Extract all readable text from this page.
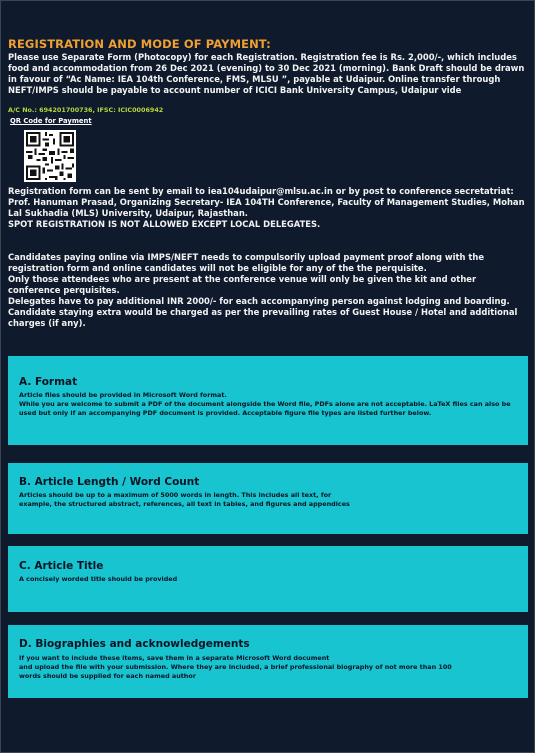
REGISTRATION AND MODE OF PAYMENT:
Please use Separate Form (Photocopy) for each Registration. Registration fee is Rs. 2,000/-, which includes food and accommodation from 26 Dec 2021 (evening) to 30 Dec 2021 (morning). Bank Draft should be drawn in favour of “Ac Name: IEA 104th Conference, FMS, MLSU ”, payable at Udaipur. Online transfer through NEFT/IMPS should be payable to account number of ICICI Bank University Campus, Udaipur vide
A/C No.: 694201700736, IFSC: ICIC0006942
QR Code for Payment
Registration form can be sent by email to iea104udaipur@mlsu.ac.in or by post to conference secretatriat: Prof. Hanuman Prasad, Organizing Secretary- IEA 104TH Conference, Faculty of Management Studies, Mohan Lal Sukhadia (MLS) University, Udaipur, Rajasthan.
SPOT REGISTRATION IS NOT ALLOWED EXCEPT LOCAL DELEGATES.
Candidates paying online via IMPS/NEFT needs to compulsorily upload payment proof along with the registration form and online candidates will not be eligible for any of the the perquisite.
Only those attendees who are present at the conference venue will only be given the kit and other conference perquisites.
Delegates have to pay additional INR 2000/- for each accompanying person against lodging and boarding.
Candidate staying extra would be charged as per the prevailing rates of Guest House / Hotel and additional charges (if any).
A. Format
Article files should be provided in Microsoft Word format.
While you are welcome to submit a PDF of the document alongside the Word file, PDFs alone are not acceptable. LaTeX files can also be used but only if an accompanying PDF document is provided. Acceptable figure file types are listed further below.
B. Article Length / Word Count
Articles should be up to a maximum of 5000 words in length. This includes all text, for
example, the structured abstract, references, all text in tables, and figures and appendices
C. Article Title
A concisely worded title should be provided
D. Biographies and acknowledgements
If you want to include these items, save them in a separate Microsoft Word document
and upload the file with your submission. Where they are included, a brief professional biography of not more than 100
words should be supplied for each named author
